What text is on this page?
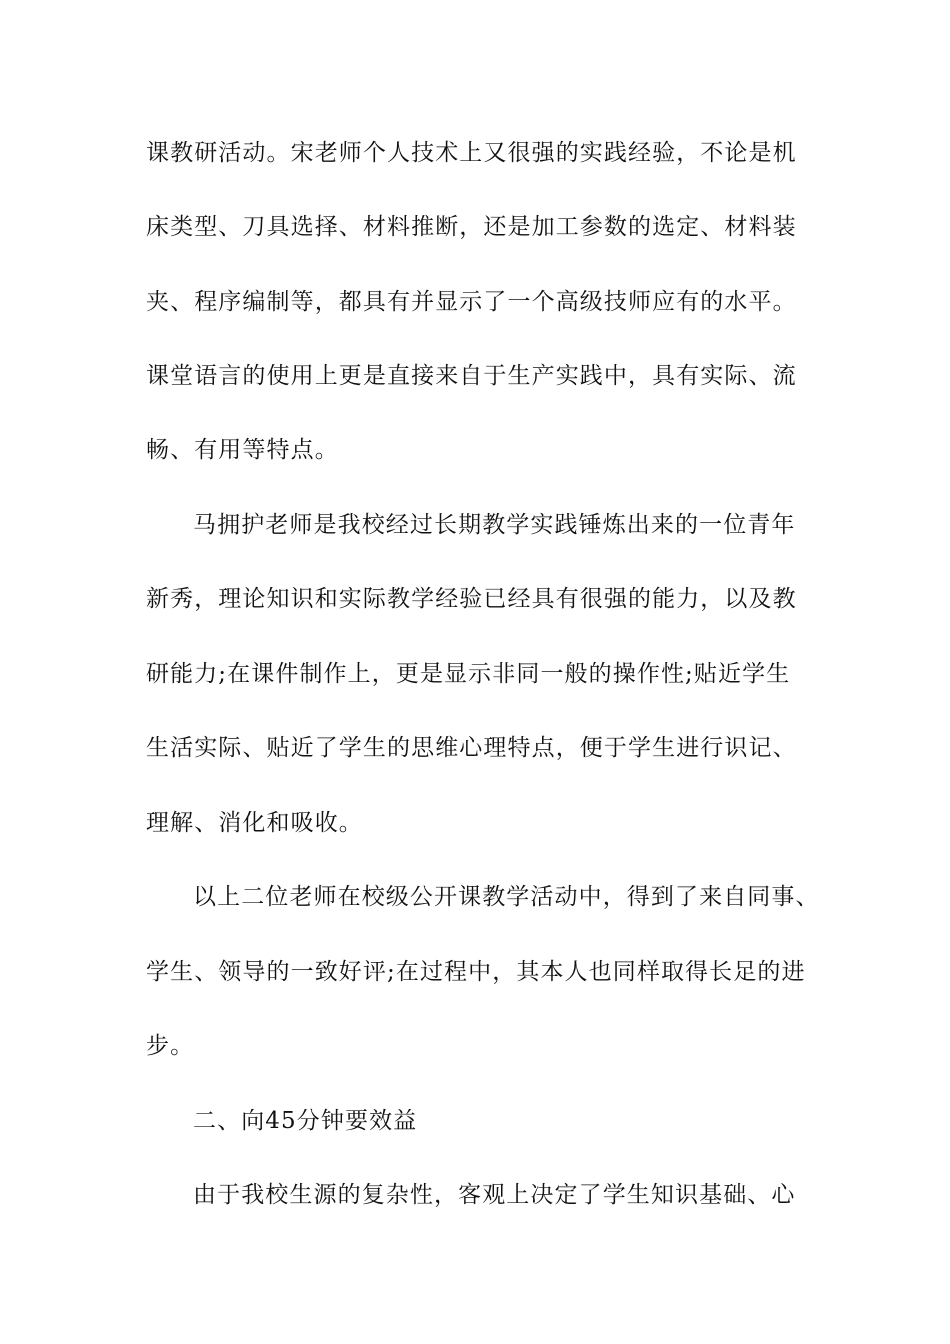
课教研活动。宋老师个人技术上又很强的实践经验，不论是机
床类型、刀具选择、材料推断，还是加工参数的选定、材料装
夹、程序编制等，都具有并显示了一个高级技师应有的水平。
课堂语言的使用上更是直接来自于生产实践中，具有实际、流
畅、有用等特点。
马拥护老师是我校经过长期教学实践锤炼出来的一位青年
新秀，理论知识和实际教学经验已经具有很强的能力，以及教
研能力;在课件制作上，更是显示非同一般的操作性;贴近学生
生活实际、贴近了学生的思维心理特点，便于学生进行识记、
理解、消化和吸收。
以上二位老师在校级公开课教学活动中，得到了来自同事、
学生、领导的一致好评;在过程中，其本人也同样取得长足的进
步。
二、向45分钟要效益
由于我校生源的复杂性，客观上决定了学生知识基础、心
